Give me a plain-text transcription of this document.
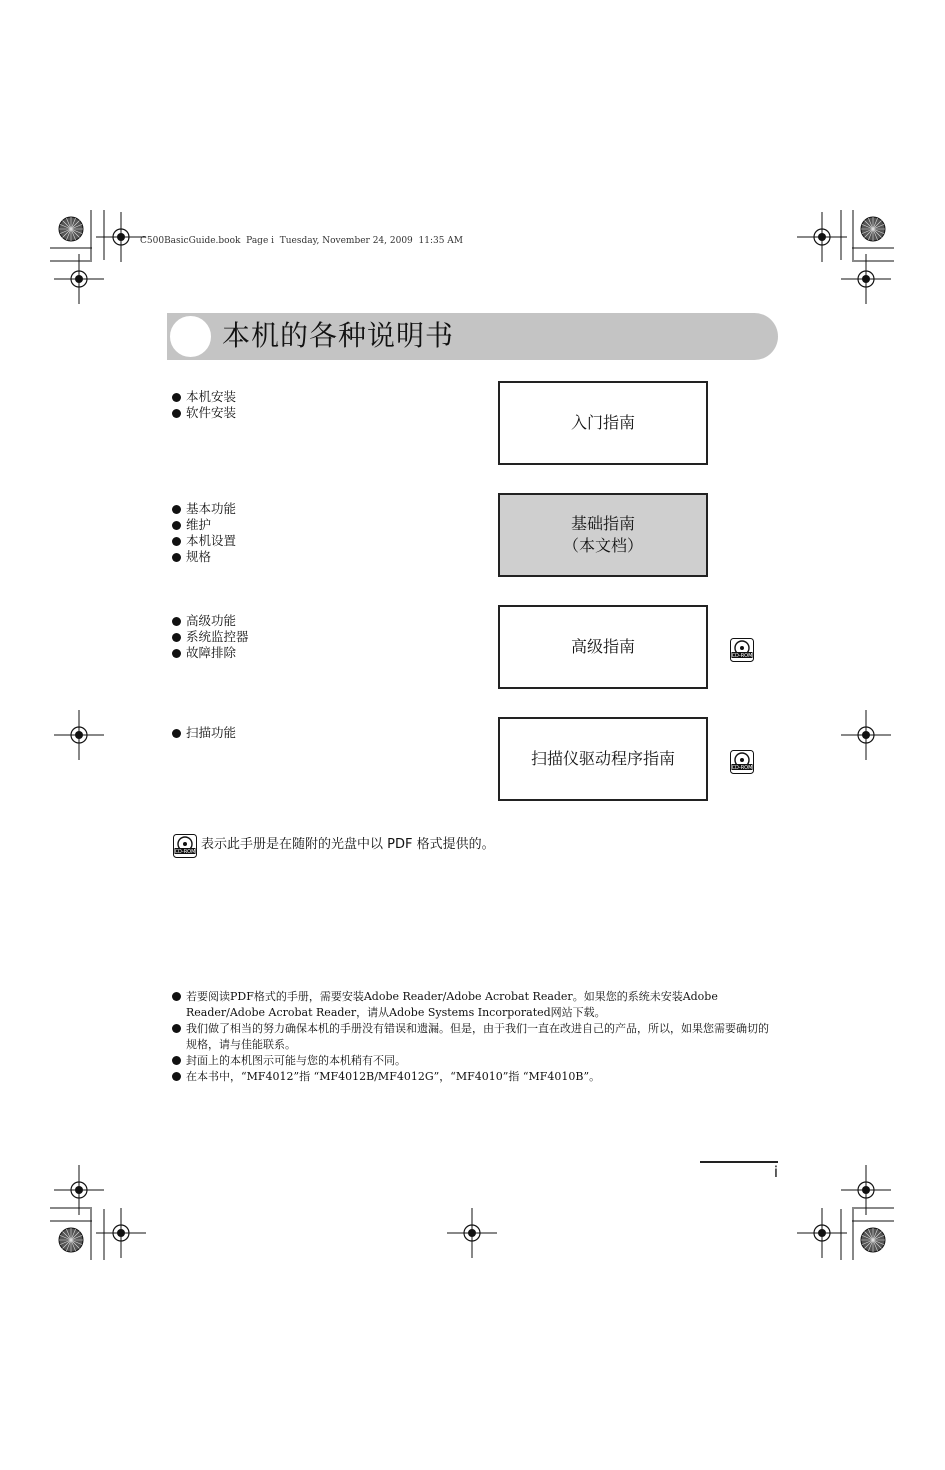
C500BasicGuide.book  Page i  Tuesday, November 24, 2009  11:35 AM
本机的各种说明书
本机安装
软件安装
入门指南
基本功能
维护
本机设置
规格
基础指南
（本文档）
高级功能
系统监控器
故障排除	高级指南	CD-ROM
扫描功能
扫描仪驱动程序指南	CD-ROM
CD-ROM 表示此手册是在随附的光盘中以 PDF 格式提供的。
若要阅读PDF格式的手册，需要安装Adobe Reader/Adobe Acrobat Reader。如果您的系统未安装Adobe Reader/Adobe Acrobat Reader，请从Adobe Systems Incorporated网站下载。
我们做了相当的努力确保本机的手册没有错误和遗漏。但是，由于我们一直在改进自己的产品，所以，如果您需要确切的规格，请与佳能联系。
封面上的本机图示可能与您的本机稍有不同。
在本书中，“MF4012”指 “MF4012B/MF4012G”，“MF4010”指 “MF4010B”。
i
